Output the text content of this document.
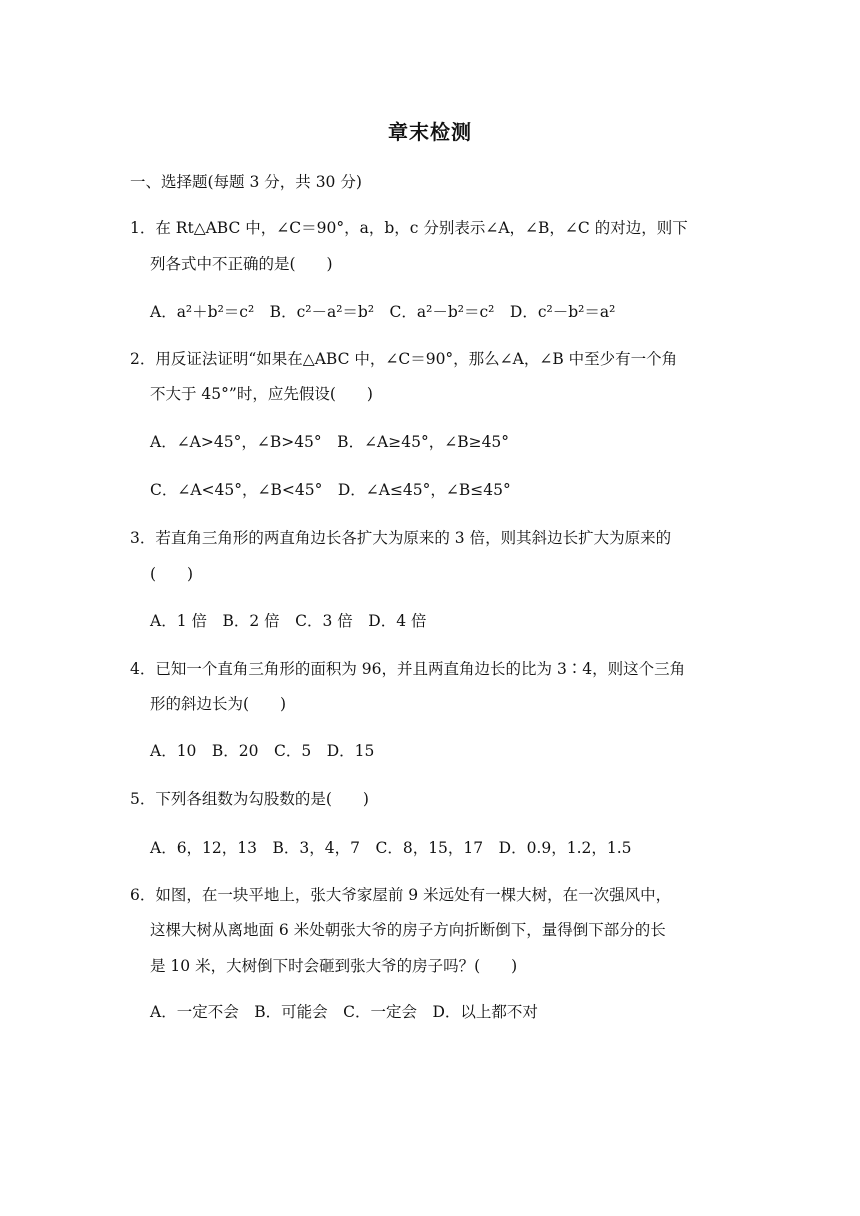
章末检测
一、选择题(每题 3 分，共 30 分)
1．在 Rt△ABC 中，∠C＝90°，a，b，c 分别表示∠A，∠B，∠C 的对边，则下
列各式中不正确的是(　　)
A．a²＋b²＝c²　B．c²－a²＝b²　C．a²－b²＝c²　D．c²－b²＝a²
2．用反证法证明“如果在△ABC 中，∠C＝90°，那么∠A，∠B 中至少有一个角
不大于 45°”时，应先假设(　　)
A．∠A>45°，∠B>45°　B．∠A≥45°，∠B≥45°
C．∠A<45°，∠B<45°　D．∠A≤45°，∠B≤45°
3．若直角三角形的两直角边长各扩大为原来的 3 倍，则其斜边长扩大为原来的
(　　)
A．1 倍　B．2 倍　C．3 倍　D．4 倍
4．已知一个直角三角形的面积为 96，并且两直角边长的比为 3∶4，则这个三角
形的斜边长为(　　)
A．10　B．20　C．5　D．15
5．下列各组数为勾股数的是(　　)
A．6，12，13　B．3，4，7　C．8，15，17　D．0.9，1.2，1.5
6．如图，在一块平地上，张大爷家屋前 9 米远处有一棵大树，在一次强风中，
这棵大树从离地面 6 米处朝张大爷的房子方向折断倒下，量得倒下部分的长
是 10 米，大树倒下时会砸到张大爷的房子吗？(　　)
A．一定不会　B．可能会　C．一定会　D．以上都不对
